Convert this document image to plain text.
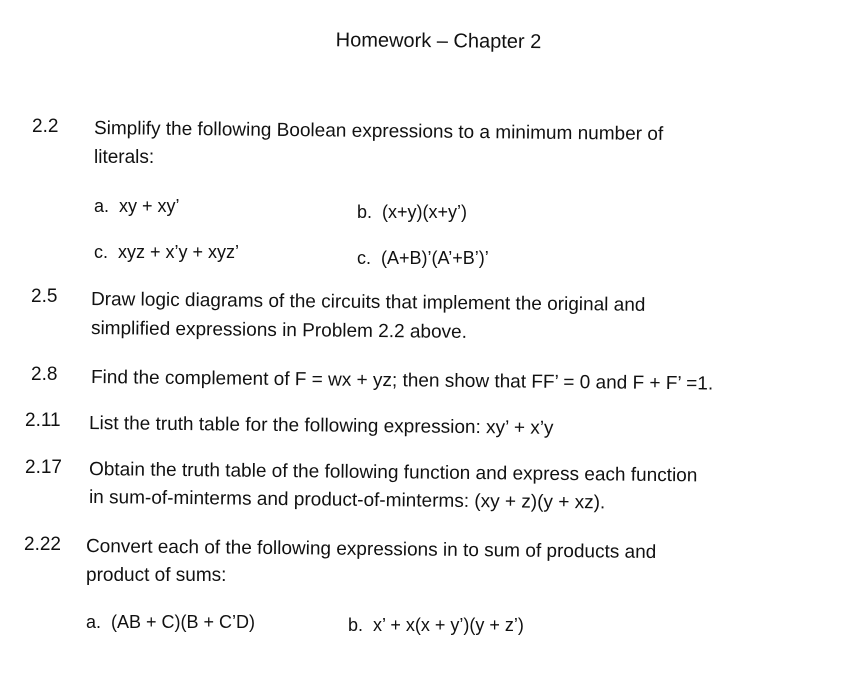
Homework – Chapter 2
2.2 Simplify the following Boolean expressions to a minimum number of
literals:
a. xy + xy’	b. (x+y)(x+y’)
c. xyz + x’y + xyz’	c. (A+B)’(A’+B’)’
2.5 Draw logic diagrams of the circuits that implement the original and
simplified expressions in Problem 2.2 above.
2.8 Find the complement of F = wx + yz; then show that FF’ = 0 and F + F’ =1.
2.11 List the truth table for the following expression: xy’ + x’y
2.17 Obtain the truth table of the following function and express each function
in sum-of-minterms and product-of-minterms: (xy + z)(y + xz).
2.22 Convert each of the following expressions in to sum of products and
product of sums:
a. (AB + C)(B + C’D)	b. x’ + x(x + y’)(y + z’)
